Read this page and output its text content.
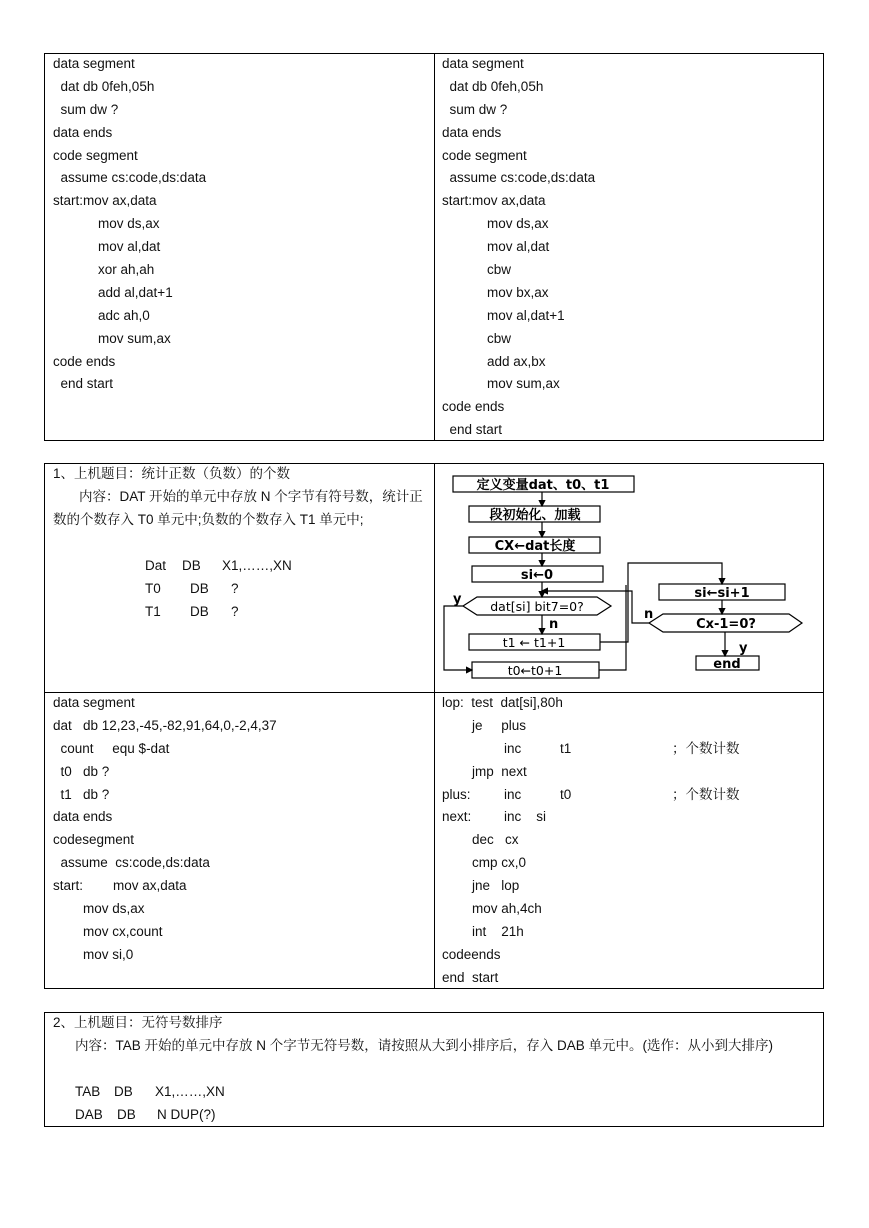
data segment
dat db 0feh,05h
sum dw ?
data ends
code segment
assume cs:code,ds:data
start:mov ax,data
mov ds,ax
mov al,dat
xor ah,ah
add al,dat+1
adc ah,0
mov sum,ax
code ends
end start
data segment
dat db 0feh,05h
sum dw ?
data ends
code segment
assume cs:code,ds:data
start:mov ax,data
mov ds,ax
mov al,dat
cbw
mov bx,ax
mov al,dat+1
cbw
add ax,bx
mov sum,ax
code ends
end start
1、上机题目：统计正数（负数）的个数
内容：DAT 开始的单元中存放 N 个字节有符号数，统计正数的个数存入 T0 单元中;负数的个数存入 T1 单元中;
Dat DB X1,……,XN
T0 DB ?
T1 DB ?
定义变量dat、t0、t1
段初始化、加载
CX←dat长度
si←0
si←si+1
Cx-1=0?
end
y
n
n
y
dat[si] bit7=0?
t1 ← t1+1
t0←t0+1
data segment
dat   db 12,23,-45,-82,91,64,0,-2,4,37
count     equ $-dat
t0   db ?
t1   db ?
data ends
codesegment
assume  cs:code,ds:data
start:        mov ax,data
mov ds,ax
mov cx,count
mov si,0
lop:  test  dat[si],80h
je     plus
inc	t1	；个数计数
jmp  next
plus: inc	t0	；个数计数
next: inc    si
dec   cx
cmp cx,0
jne   lop
mov ah,4ch
int    21h
codeends
end  start
2、上机题目：无符号数排序
内容：TAB 开始的单元中存放 N 个字节无符号数，请按照从大到小排序后，存入 DAB 单元中。(选作：从小到大排序)
TAB DB X1,……,XN
DAB DB N DUP(?)
